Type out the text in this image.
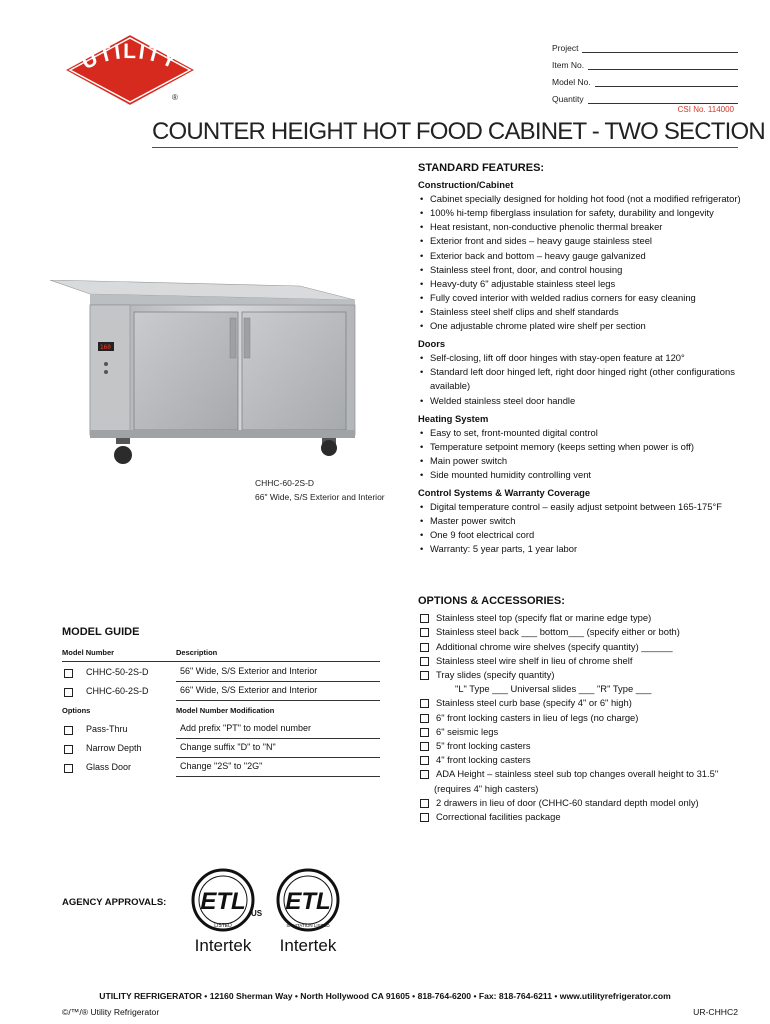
UTILITY
®
Project
Item No.
Model No.
Quantity
CSI No. 114000
COUNTER HEIGHT HOT FOOD CABINET - TWO SECTION
160
CHHC-60-2S-D
66" Wide, S/S Exterior and Interior
STANDARD FEATURES:
Construction/Cabinet
• Cabinet specially designed for holding hot food (not a modified refrigerator)
• 100% hi-temp fiberglass insulation for safety, durability and longevity
• Heat resistant, non-conductive phenolic thermal breaker
• Exterior front and sides – heavy gauge stainless steel
• Exterior back and bottom – heavy gauge galvanized
• Stainless steel front, door, and control housing
• Heavy-duty 6" adjustable stainless steel legs
• Fully coved interior with welded radius corners for easy cleaning
• Stainless steel shelf clips and shelf standards
• One adjustable chrome plated wire shelf per section
Doors
• Self-closing, lift off door hinges with stay-open feature at 120°
• Standard left door hinged left, right door hinged right (other configurations available)
• Welded stainless steel door handle
Heating System
• Easy to set, front-mounted digital control
• Temperature setpoint memory (keeps setting when power is off)
• Main power switch
• Side mounted humidity controlling vent
Control Systems & Warranty Coverage
• Digital temperature control – easily adjust setpoint between 165-175°F
• Master power switch
• One 9 foot electrical cord
• Warranty: 5 year parts, 1 year labor
OPTIONS & ACCESSORIES:
Stainless steel top (specify flat or marine edge type)
Stainless steel back ___ bottom___ (specify either or both)
Additional chrome wire shelves (specify quantity) ______
Stainless steel wire shelf in lieu of chrome shelf
Tray slides (specify quantity)
"L" Type ___ Universal slides ___ "R" Type ___
Stainless steel curb base (specify 4" or 6" high)
6" front locking casters in lieu of legs (no charge)
6" seismic legs
5" front locking casters
4" front locking casters
ADA Height – stainless steel sub top changes overall height to 31.5"
(requires 4" high casters)
2 drawers in lieu of door (CHHC-60 standard depth model only)
Correctional facilities package
MODEL GUIDE
Model Number	Description
CHHC-50-2S-D	56" Wide, S/S Exterior and Interior
CHHC-60-2S-D	66" Wide, S/S Exterior and Interior
Options	Model Number Modification
Pass-Thru	Add prefix "PT" to model number
Narrow Depth	Change suffix "D" to "N"
Glass Door	Change "2S" to "2G"
AGENCY APPROVALS: ETL
LISTED
US
Intertek
ETL
SANITATION LISTED
Intertek
UTILITY REFRIGERATOR • 12160 Sherman Way • North Hollywood CA 91605 • 818-764-6200 • Fax: 818-764-6211 • www.utilityrefrigerator.com
©/™/® Utility Refrigerator	UR-CHHC2
